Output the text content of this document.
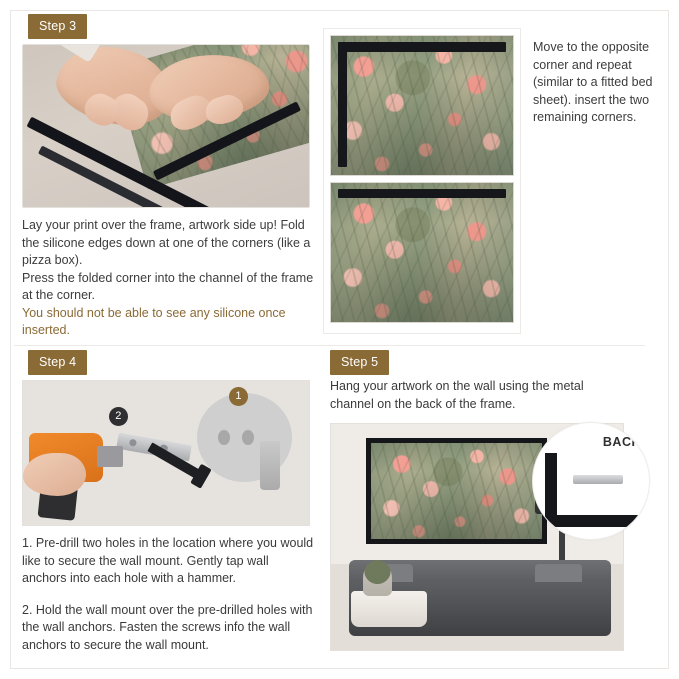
Step 3
Lay your print over the frame, artwork side up! Fold the silicone edges down at one of the corners (like a pizza box).
Press the folded corner into the channel of the frame at the corner.
You should not be able to see any silicone once inserted.
Move to the opposite corner and repeat (similar to a fitted bed sheet). insert the two remaining corners.
Step 4
1
2

1. Pre-drill two holes in the location where you would like to secure the wall mount. Gently tap wall anchors into each hole with a hammer.

2. Hold the wall mount over the pre-drilled holes with the wall anchors. Fasten the screws info the wall anchors to secure the wall mount.

Step 5
Hang your artwork on the wall using the metal channel on the back of the frame.
BACK
